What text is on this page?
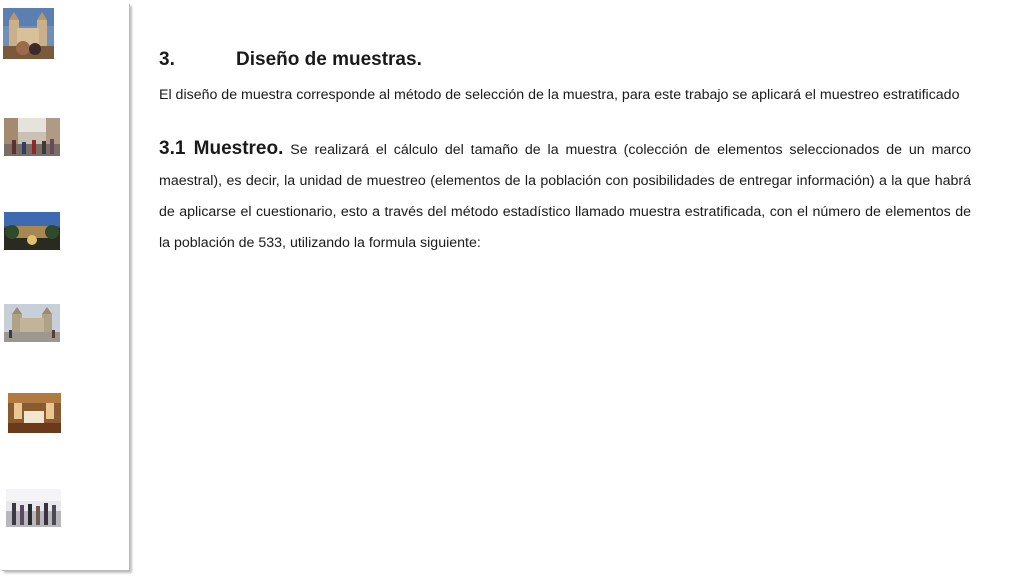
3.	Diseño de muestras.

El diseño de muestra corresponde al método de selección de la muestra, para este trabajo se aplicará el muestreo estratificado

3.1 Muestreo. Se realizará el cálculo del tamaño de la muestra (colección de elementos seleccionados de un marco maestral), es decir, la unidad de muestreo (elementos de la población con posibilidades de entregar información) a la que habrá de aplicarse el cuestionario, esto a través del método estadístico llamado muestra estratificada, con el número de elementos de la población de 533, utilizando la formula siguiente:
